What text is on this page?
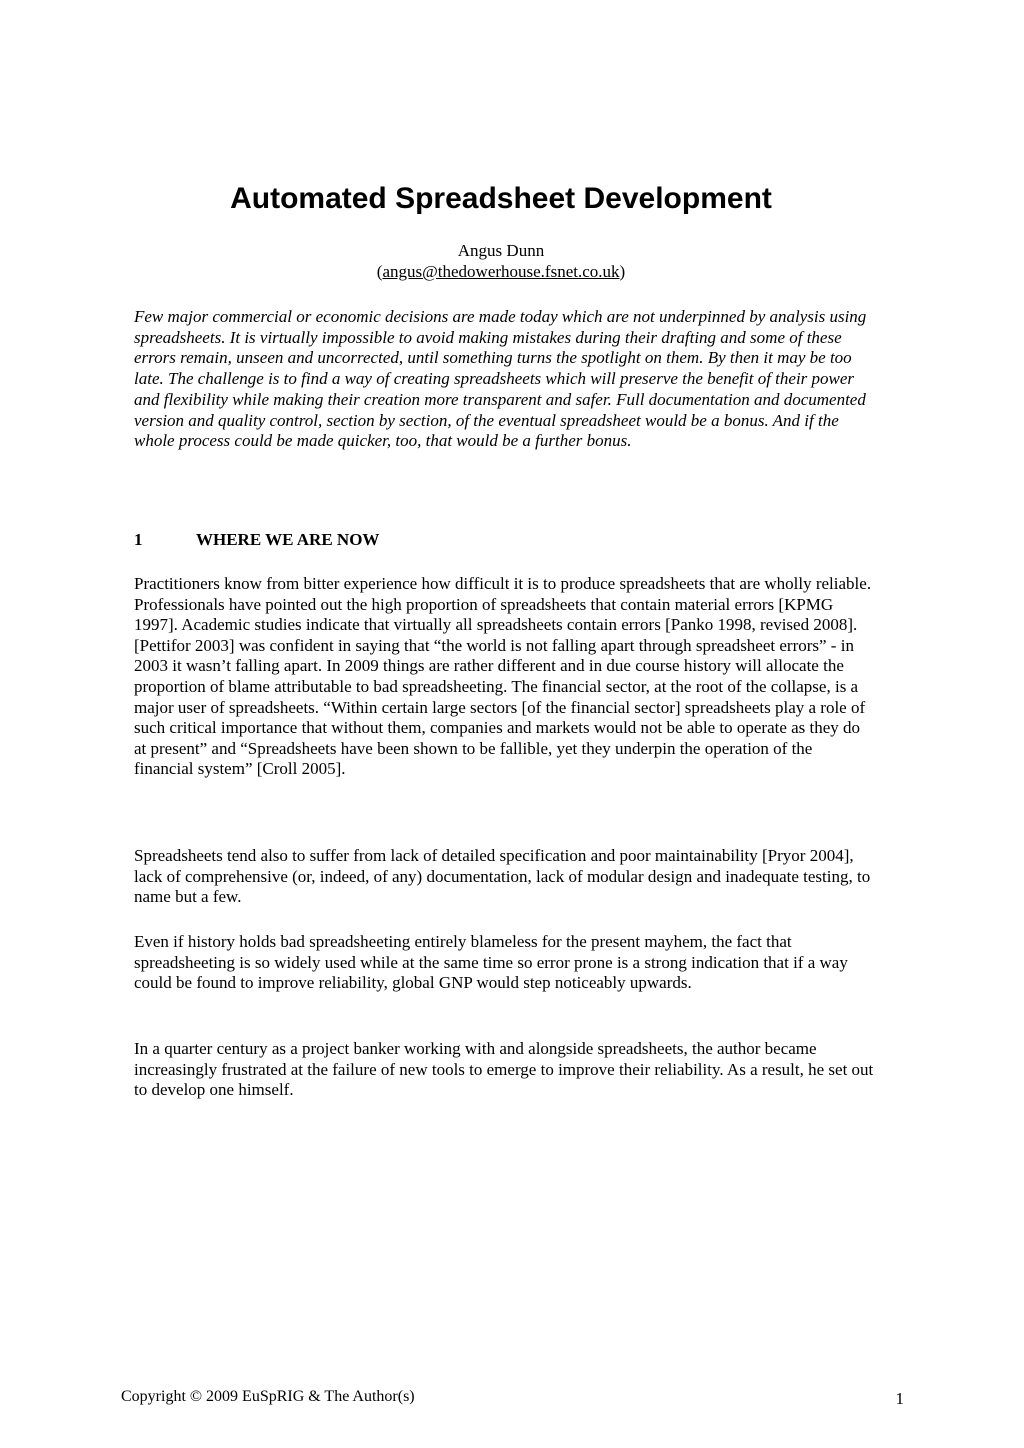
Automated Spreadsheet Development
Angus Dunn
(angus@thedowerhouse.fsnet.co.uk)

Few major commercial or economic decisions are made today which are not underpinned by analysis using spreadsheets. It is virtually impossible to avoid making mistakes during their drafting and some of these errors remain, unseen and uncorrected, until something turns the spotlight on them. By then it may be too late. The challenge is to find a way of creating spreadsheets which will preserve the benefit of their power and flexibility while making their creation more transparent and safer. Full documentation and documented version and quality control, section by section, of the eventual spreadsheet would be a bonus. And if the whole process could be made quicker, too, that would be a further bonus.

1	WHERE WE ARE NOW

Practitioners know from bitter experience how difficult it is to produce spreadsheets that are wholly reliable. Professionals have pointed out the high proportion of spreadsheets that contain material errors [KPMG 1997]. Academic studies indicate that virtually all spreadsheets contain errors [Panko 1998, revised 2008]. [Pettifor 2003] was confident in saying that “the world is not falling apart through spreadsheet errors” - in 2003 it wasn’t falling apart. In 2009 things are rather different and in due course history will allocate the proportion of blame attributable to bad spreadsheeting. The financial sector, at the root of the collapse, is a major user of spreadsheets. “Within certain large sectors [of the financial sector] spreadsheets play a role of such critical importance that without them, companies and markets would not be able to operate as they do at present” and “Spreadsheets have been shown to be fallible, yet they underpin the operation of the financial system” [Croll 2005].

Spreadsheets tend also to suffer from lack of detailed specification and poor maintainability [Pryor 2004], lack of comprehensive (or, indeed, of any) documentation, lack of modular design and inadequate testing, to name but a few.

Even if history holds bad spreadsheeting entirely blameless for the present mayhem, the fact that spreadsheeting is so widely used while at the same time so error prone is a strong indication that if a way could be found to improve reliability, global GNP would step noticeably upwards.

In a quarter century as a project banker working with and alongside spreadsheets, the author became increasingly frustrated at the failure of new tools to emerge to improve their reliability. As a result, he set out to develop one himself.

Copyright © 2009 EuSpRIG & The Author(s)	1
